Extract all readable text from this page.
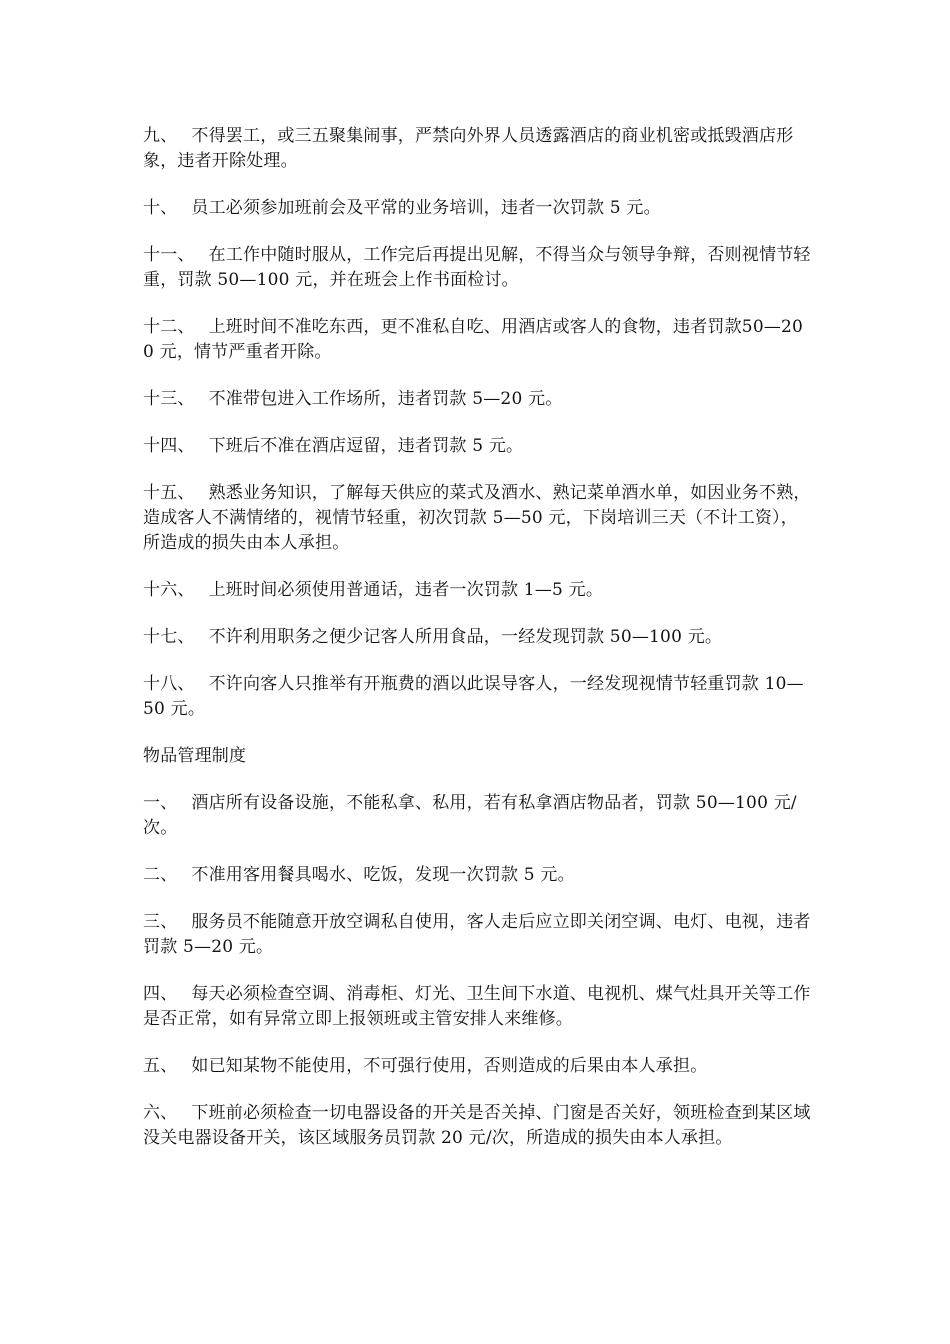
九、 不得罢工，或三五聚集闹事，严禁向外界人员透露酒店的商业机密或抵毁酒店形象，违者开除处理。

十、 员工必须参加班前会及平常的业务培训，违者一次罚款 5 元。

十一、 在工作中随时服从，工作完后再提出见解，不得当众与领导争辩，否则视情节轻重，罚款 50—100 元，并在班会上作书面检讨。

十二、 上班时间不准吃东西，更不准私自吃、用酒店或客人的食物，违者罚款50—200 元，情节严重者开除。

十三、 不准带包进入工作场所，违者罚款 5—20 元。

十四、 下班后不准在酒店逗留，违者罚款 5 元。

十五、 熟悉业务知识，了解每天供应的菜式及酒水、熟记菜单酒水单，如因业务不熟，造成客人不满情绪的，视情节轻重，初次罚款 5—50 元，下岗培训三天（不计工资），所造成的损失由本人承担。

十六、 上班时间必须使用普通话，违者一次罚款 1—5 元。

十七、 不许利用职务之便少记客人所用食品，一经发现罚款 50—100 元。

十八、 不许向客人只推举有开瓶费的酒以此误导客人，一经发现视情节轻重罚款 10—50 元。

物品管理制度

一、 酒店所有设备设施，不能私拿、私用，若有私拿酒店物品者，罚款 50—100 元/次。

二、 不准用客用餐具喝水、吃饭，发现一次罚款 5 元。

三、 服务员不能随意开放空调私自使用，客人走后应立即关闭空调、电灯、电视，违者罚款 5—20 元。

四、 每天必须检查空调、消毒柜、灯光、卫生间下水道、电视机、煤气灶具开关等工作是否正常，如有异常立即上报领班或主管安排人来维修。

五、 如已知某物不能使用，不可强行使用，否则造成的后果由本人承担。

六、 下班前必须检查一切电器设备的开关是否关掉、门窗是否关好，领班检查到某区域没关电器设备开关，该区域服务员罚款 20 元/次，所造成的损失由本人承担。
